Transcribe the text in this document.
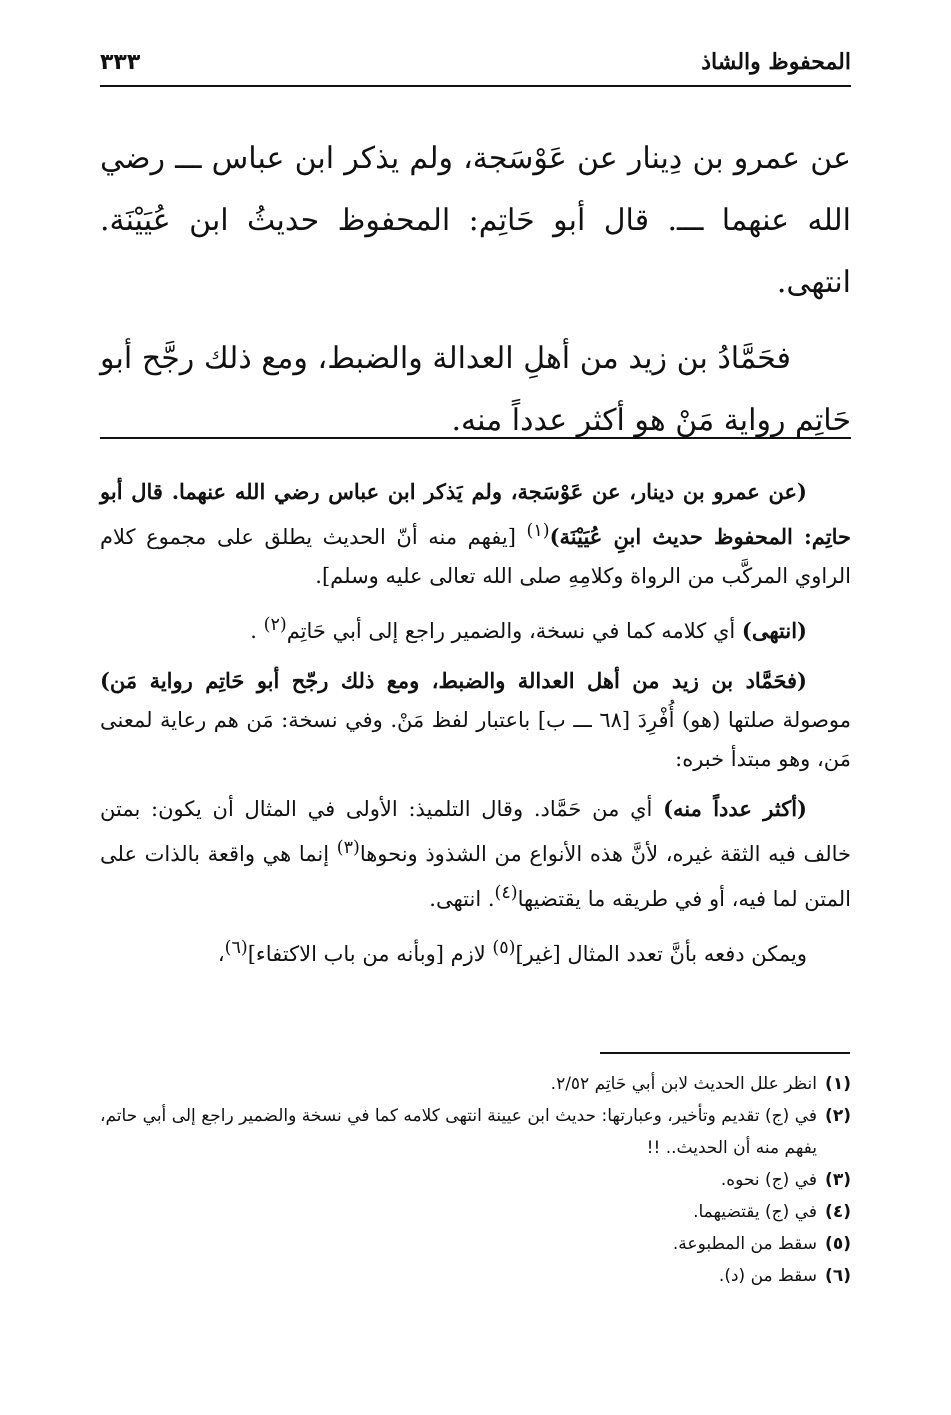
المحفوظ والشاذ
٣٣٣

عن عمرو بن دِينار عن عَوْسَجة، ولم يذكر ابن عباس ـــ رضي الله عنهما ـــ. قال أبو حَاتِم: المحفوظ حديثُ ابن عُيَيْنَة. انتهى.

فحَمَّادُ بن زيد من أهلِ العدالة والضبط، ومع ذلك رجَّح أبو حَاتِم رواية مَنْ هو أكثر عدداً منه.

(عن عمرو بن دينار، عن عَوْسَجة، ولم يَذكر ابن عباس رضي الله عنهما. قال أبو حاتِم: المحفوظ حديث ابنِ عُيَيْنَة)$^{(١)}$ [يفهم منه أنّ الحديث يطلق على مجموع كلام الراوي المركَّب من الرواة وكلامِهِ صلى الله تعالى عليه وسلم].

(انتهى) أي كلامه كما في نسخة، والضمير راجع إلى أبي حَاتِم$^{(٢)}$ .

(فحَمَّاد بن زيد من أهل العدالة والضبط، ومع ذلك رجّح أبو حَاتِم رواية مَن) موصولة صلتها (هو) أُفْرِدَ [٦٨ ـــ ب] باعتبار لفظ مَنْ. وفي نسخة: مَن هم رعاية لمعنى مَن، وهو مبتدأ خبره:

(أكثر عدداً منه) أي من حَمَّاد. وقال التلميذ: الأولى في المثال أن يكون: بمتن خالف فيه الثقة غيره، لأنَّ هذه الأنواع من الشذوذ ونحوها$^{(٣)}$ إنما هي واقعة بالذات على المتن لما فيه، أو في طريقه ما يقتضيها$^{(٤)}$. انتهى.

ويمكن دفعه بأنَّ تعدد المثال [غير]$^{(٥)}$ لازم [وبأنه من باب الاكتفاء]$^{(٦)}$،

(١)
انظر علل الحديث لابن أبي حَاتِم ٢/٥٢.
(٢)
في (ج) تقديم وتأخير، وعبارتها: حديث ابن عيينة انتهى كلامه كما في نسخة والضمير راجع إلى أبي حاتم، يفهم منه أن الحديث.. !!
(٣)
في (ج) نحوه.
(٤)
في (ج) يقتضيهما.
(٥)
سقط من المطبوعة.
(٦)
سقط من (د).
